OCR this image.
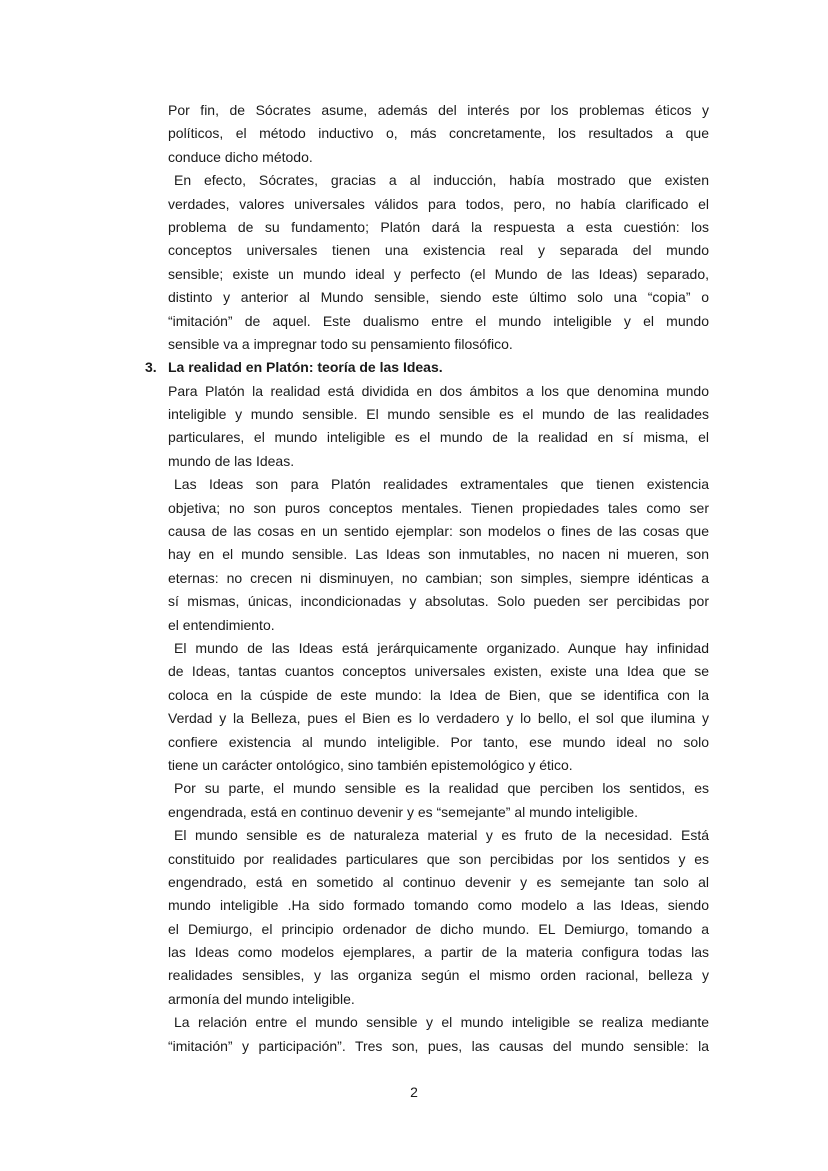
Por fin, de Sócrates asume, además del interés por los problemas éticos y
políticos, el método inductivo o, más concretamente, los resultados a que
conduce dicho método.
En efecto, Sócrates, gracias a al inducción, había mostrado que existen
verdades, valores universales válidos para todos, pero, no había clarificado el
problema de su fundamento; Platón dará la respuesta a esta cuestión: los
conceptos universales tienen una existencia real y separada del mundo
sensible; existe un mundo ideal y perfecto (el Mundo de las Ideas) separado,
distinto y anterior al Mundo sensible, siendo este último solo una “copia” o
“imitación” de aquel. Este dualismo entre el mundo inteligible y el mundo
sensible va a impregnar todo su pensamiento filosófico.
3. La realidad en Platón: teoría de las Ideas.
Para Platón la realidad está dividida en dos ámbitos a los que denomina mundo
inteligible y mundo sensible. El mundo sensible es el mundo de las realidades
particulares, el mundo inteligible es el mundo de la realidad en sí misma, el
mundo de las Ideas.
Las Ideas son para Platón realidades extramentales que tienen existencia
objetiva; no son puros conceptos mentales. Tienen propiedades tales como ser
causa de las cosas en un sentido ejemplar: son modelos o fines de las cosas que
hay en el mundo sensible. Las Ideas son inmutables, no nacen ni mueren, son
eternas: no crecen ni disminuyen, no cambian; son simples, siempre idénticas a
sí mismas, únicas, incondicionadas y absolutas. Solo pueden ser percibidas por
el entendimiento.
El mundo de las Ideas está jerárquicamente organizado. Aunque hay infinidad
de Ideas, tantas cuantos conceptos universales existen, existe una Idea que se
coloca en la cúspide de este mundo: la Idea de Bien, que se identifica con la
Verdad y la Belleza, pues el Bien es lo verdadero y lo bello, el sol que ilumina y
confiere existencia al mundo inteligible. Por tanto, ese mundo ideal no solo
tiene un carácter ontológico, sino también epistemológico y ético.
Por su parte, el mundo sensible es la realidad que perciben los sentidos, es
engendrada, está en continuo devenir y es “semejante” al mundo inteligible.
El mundo sensible es de naturaleza material y es fruto de la necesidad. Está
constituido por realidades particulares que son percibidas por los sentidos y es
engendrado, está en sometido al continuo devenir y es semejante tan solo al
mundo inteligible .Ha sido formado tomando como modelo a las Ideas, siendo
el Demiurgo, el principio ordenador de dicho mundo. EL Demiurgo, tomando a
las Ideas como modelos ejemplares, a partir de la materia configura todas las
realidades sensibles, y las organiza según el mismo orden racional, belleza y
armonía del mundo inteligible.
La relación entre el mundo sensible y el mundo inteligible se realiza mediante
“imitación” y participación”. Tres son, pues, las causas del mundo sensible: la
2
